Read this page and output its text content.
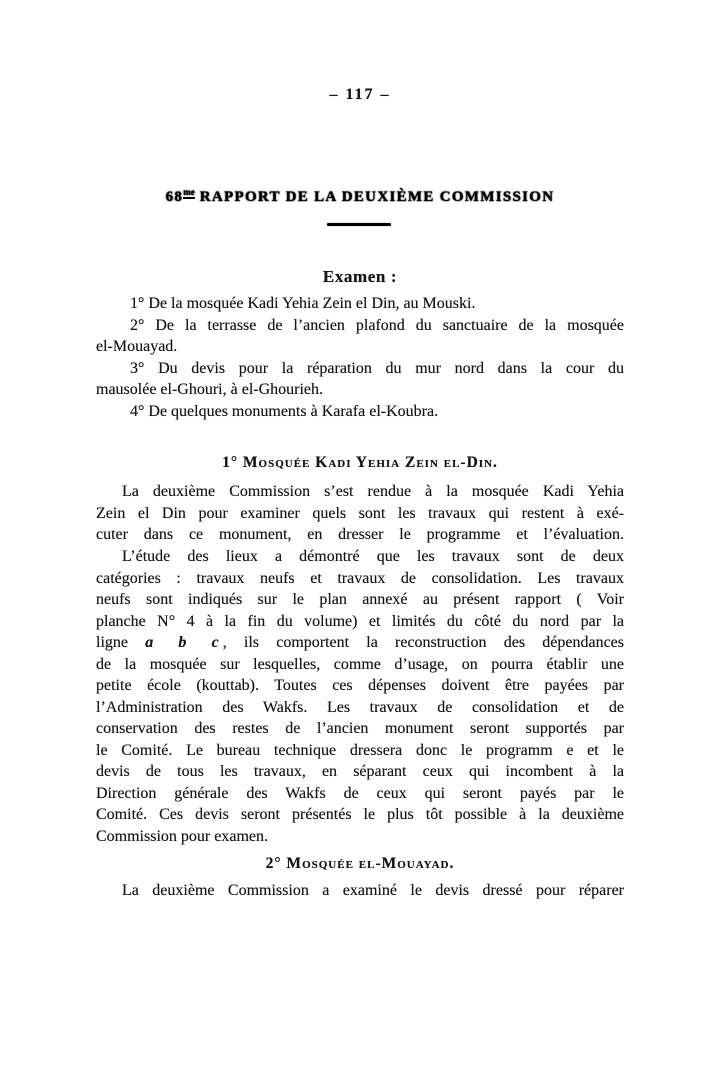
– 117 –
$68^{me}$ RAPPORT DE LA DEUXIÈME COMMISSION
Examen :
1° De la mosquée Kadi Yehia Zein el Din, au Mouski.
2° De la terrasse de l’ancien plafond du sanctuaire de la mosquée
el-Mouayad.
3° Du devis pour la réparation du mur nord dans la cour du
mausolée el-Ghouri, à el-Ghourieh.
4° De quelques monuments à Karafa el-Koubra.
1° Mosquée Kadi Yehia Zein el-Din.
La deuxième Commission s’est rendue à la mosquée Kadi Yehia
Zein el Din pour examiner quels sont les travaux qui restent à exé-
cuter dans ce monument, en dresser le programme et l’évaluation.
L’étude des lieux a démontré que les travaux sont de deux
catégories : travaux neufs et travaux de consolidation. Les travaux
neufs sont indiqués sur le plan annexé au présent rapport ( Voir
planche N° 4 à la fin du volume) et limités du côté du nord par la
ligne a b c, ils comportent la reconstruction des dépendances
de la mosquée sur lesquelles, comme d’usage, on pourra établir une
petite école (kouttab). Toutes ces dépenses doivent être payées par
l’Administration des Wakfs. Les travaux de consolidation et de
conservation des restes de l’ancien monument seront supportés par
le Comité. Le bureau technique dressera donc le programm e et le
devis de tous les travaux, en séparant ceux qui incombent à la
Direction générale des Wakfs de ceux qui seront payés par le
Comité. Ces devis seront présentés le plus tôt possible à la deuxième
Commission pour examen.
2° Mosquée el-Mouayad.
La deuxième Commission a examiné le devis dressé pour réparer
